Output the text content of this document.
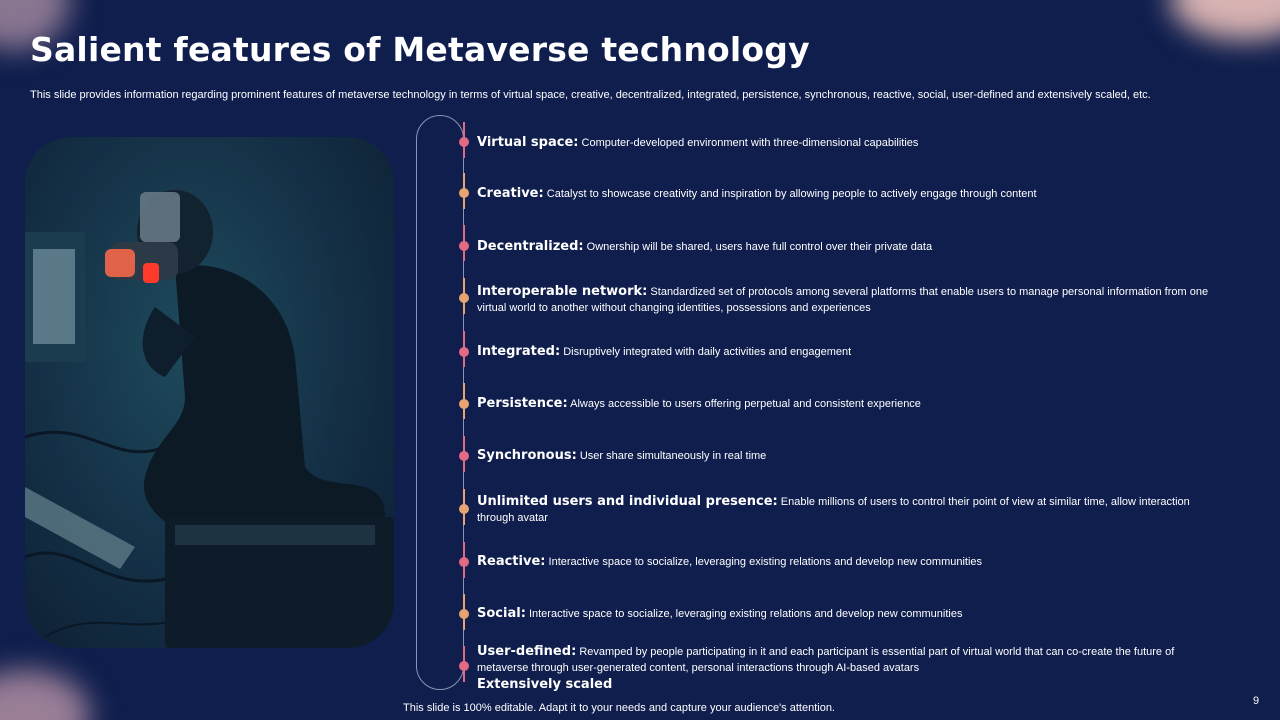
Salient features of Metaverse technology

This slide provides information regarding prominent features of metaverse technology in terms of virtual space, creative, decentralized, integrated, persistence, synchronous, reactive, social, user-defined and extensively scaled, etc.

Virtual space: Computer-developed environment with three-dimensional capabilities
Creative: Catalyst to showcase creativity and inspiration by allowing people to actively engage through content
Decentralized: Ownership will be shared, users have full control over their private data
Interoperable network: Standardized set of protocols among several platforms that enable users to manage personal information from one virtual world to another without changing identities, possessions and experiences
Integrated: Disruptively integrated with daily activities and engagement
Persistence: Always accessible to users offering perpetual and consistent experience
Synchronous: User share simultaneously in real time
Unlimited users and individual presence: Enable millions of users to control their point of view at similar time, allow interaction through avatar
Reactive: Interactive space to socialize, leveraging existing relations and develop new communities
Social: Interactive space to socialize, leveraging existing relations and develop new communities
User-defined: Revamped by people participating in it and each participant is essential part of virtual world that can co-create the future of metaverse through user-generated content, personal interactions through AI-based avatars
Extensively scaled

This slide is 100% editable. Adapt it to your needs and capture your audience's attention.

9
